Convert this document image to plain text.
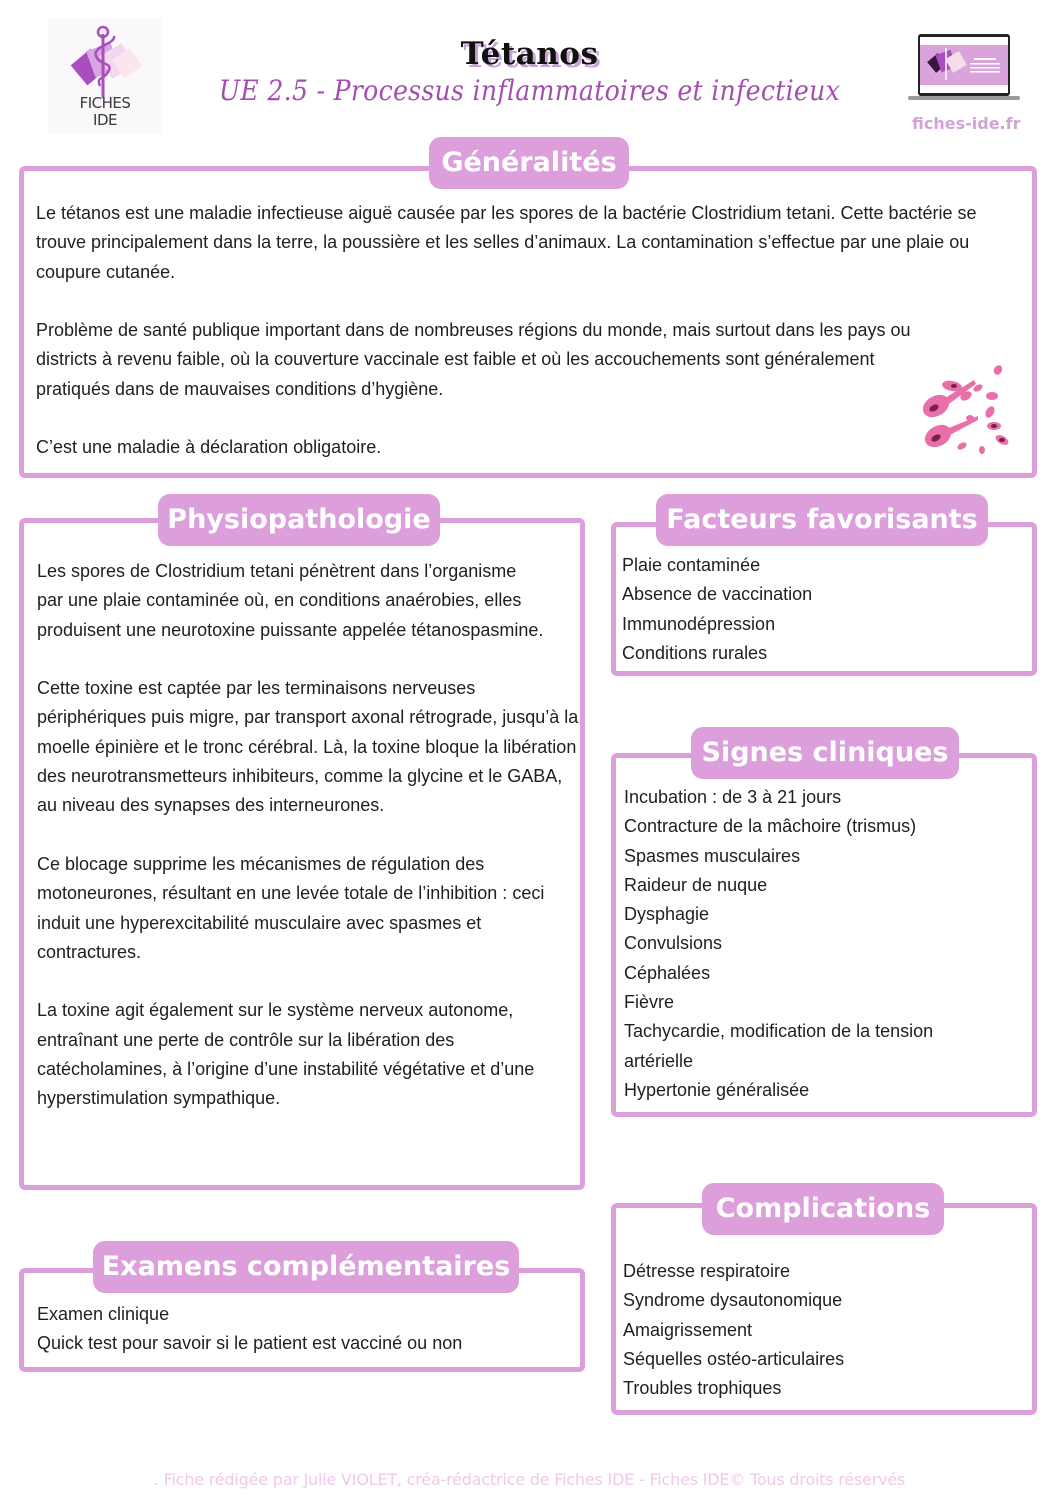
FICHES
IDE
Tétanos
UE 2.5 - Processus inflammatoires et infectieux
fiches-ide.fr
Généralités

Le tétanos est une maladie infectieuse aiguë causée par les spores de la bactérie Clostridium tetani. Cette bactérie se trouve principalement dans la terre, la poussière et les selles d’animaux. La contamination s’effectue par une plaie ou coupure cutanée.

Problème de santé publique important dans de nombreuses régions du monde, mais surtout dans les pays ou districts à revenu faible, où la couverture vaccinale est faible et où les accouchements sont généralement pratiqués dans de mauvaises conditions d’hygiène.

C’est une maladie à déclaration obligatoire.

Physiopathologie

Les spores de Clostridium tetani pénètrent dans l’organisme par une plaie contaminée où, en conditions anaérobies, elles produisent une neurotoxine puissante appelée tétanospasmine.

Cette toxine est captée par les terminaisons nerveuses périphériques puis migre, par transport axonal rétrograde, jusqu’à la moelle épinière et le tronc cérébral. Là, la toxine bloque la libération des neurotransmetteurs inhibiteurs, comme la glycine et le GABA, au niveau des synapses des interneurones.

Ce blocage supprime les mécanismes de régulation des motoneurones, résultant en une levée totale de l’inhibition : ceci induit une hyperexcitabilité musculaire avec spasmes et contractures.

La toxine agit également sur le système nerveux autonome, entraînant une perte de contrôle sur la libération des catécholamines, à l’origine d’une instabilité végétative et d’une hyperstimulation sympathique.

Facteurs favorisants

Plaie contaminée

Absence de vaccination

Immunodépression

Conditions rurales

Signes cliniques

Incubation : de 3 à 21 jours

Contracture de la mâchoire (trismus)

Spasmes musculaires

Raideur de nuque

Dysphagie

Convulsions

Céphalées

Fièvre

Tachycardie, modification de la tension artérielle

Hypertonie généralisée

Examens complémentaires

Examen clinique

Quick test pour savoir si le patient est vacciné ou non

Complications

Détresse respiratoire

Syndrome dysautonomique

Amaigrissement

Séquelles ostéo-articulaires

Troubles trophiques

. Fiche rédigée par Julie VIOLET, créa-rédactrice de Fiches IDE - Fiches IDE© Tous droits réservés
